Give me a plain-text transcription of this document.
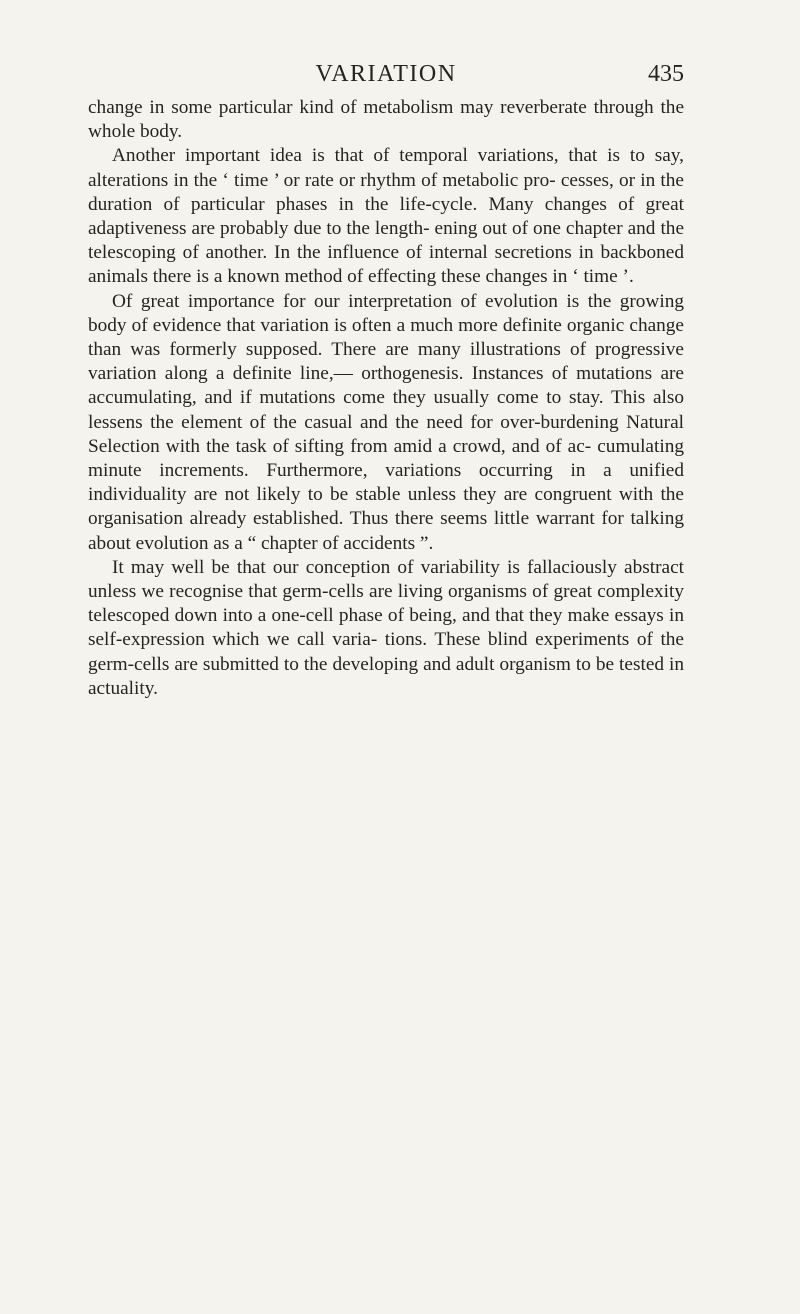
VARIATION	435

change in some particular kind of metabolism may reverberate through the whole body.

Another important idea is that of temporal variations, that is to say, alterations in the ‘ time ’ or rate or rhythm of metabolic pro- cesses, or in the duration of particular phases in the life-cycle. Many changes of great adaptiveness are probably due to the length- ening out of one chapter and the telescoping of another. In the influence of internal secretions in backboned animals there is a known method of effecting these changes in ‘ time ’.

Of great importance for our interpretation of evolution is the growing body of evidence that variation is often a much more definite organic change than was formerly supposed. There are many illustrations of progressive variation along a definite line,— orthogenesis. Instances of mutations are accumulating, and if mutations come they usually come to stay. This also lessens the element of the casual and the need for over-burdening Natural Selection with the task of sifting from amid a crowd, and of ac- cumulating minute increments. Furthermore, variations occurring in a unified individuality are not likely to be stable unless they are congruent with the organisation already established. Thus there seems little warrant for talking about evolution as a “ chapter of accidents ”.

It may well be that our conception of variability is fallaciously abstract unless we recognise that germ-cells are living organisms of great complexity telescoped down into a one-cell phase of being, and that they make essays in self-expression which we call varia- tions. These blind experiments of the germ-cells are submitted to the developing and adult organism to be tested in actuality.
